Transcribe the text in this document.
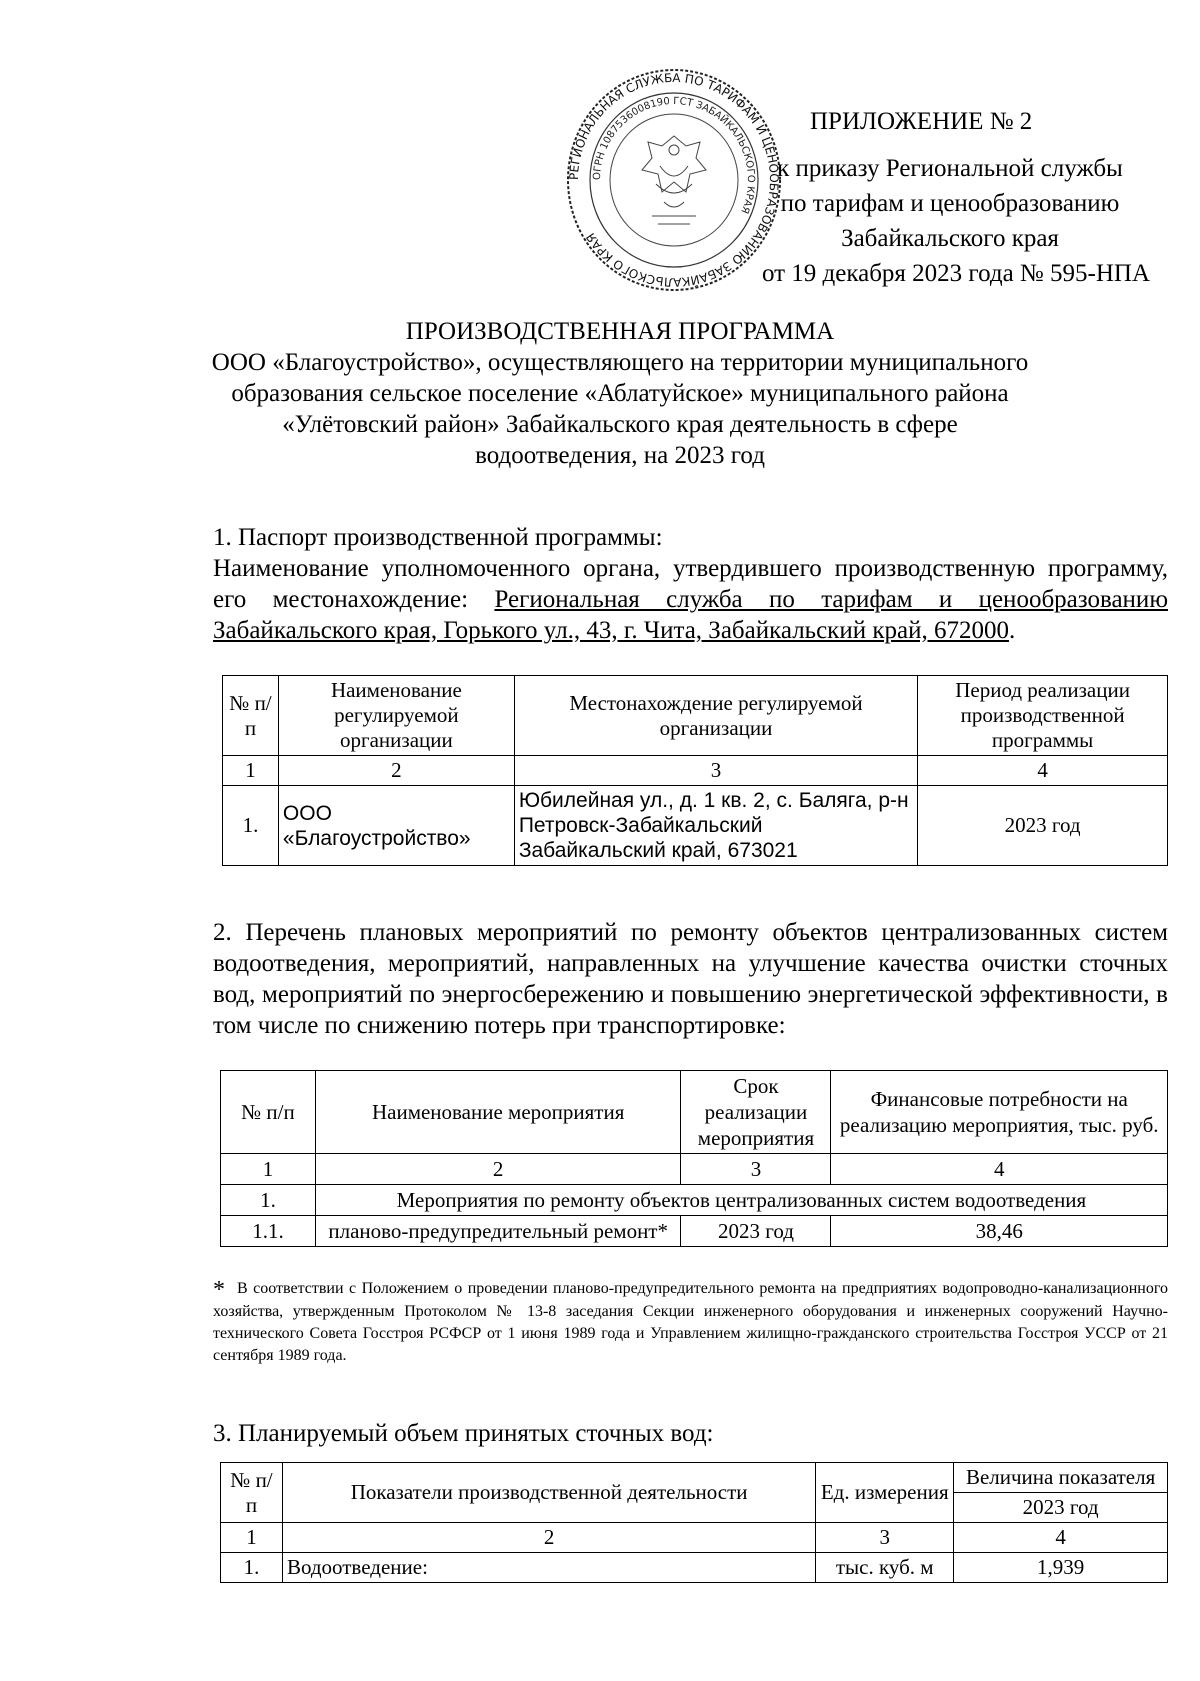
РЕГИОНАЛЬНАЯ СЛУЖБА ПО ТАРИФАМ И ЦЕНООБРАЗОВАНИЮ ЗАБАЙКАЛЬСКОГО КРАЯ
ОГРН 1087536008190 ГСТ ЗАБАЙКАЛЬСКОГО КРАЯ
ПРИЛОЖЕНИЕ № 2
к приказу Региональной службы
по тарифам и ценообразованию
Забайкальского края
от 19 декабря 2023 года № 595-НПА
ПРОИЗВОДСТВЕННАЯ ПРОГРАММА
ООО «Благоустройство», осуществляющего на территории муниципального
образования сельское поселение «Аблатуйское» муниципального района
«Улётовский район» Забайкальского края деятельность в сфере
водоотведения, на 2023 год
1. Паспорт производственной программы:
Наименование уполномоченного органа, утвердившего производственную программу, его местонахождение: Региональная служба по тарифам и ценообразованию Забайкальского края, Горького ул., 43, г. Чита, Забайкальский край, 672000.
№ п/п	Наименование регулируемой организации	Местонахождение регулируемой организации	Период реализации производственной программы
1	2	3	4
1.	ООО «Благоустройство»	Юбилейная ул., д. 1 кв. 2, с. Баляга, р-н Петровск-Забайкальский Забайкальский край, 673021	2023 год
2. Перечень плановых мероприятий по ремонту объектов централизованных систем водоотведения, мероприятий, направленных на улучшение качества очистки сточных вод, мероприятий по энергосбережению и повышению энергетической эффективности, в том числе по снижению потерь при транспортировке:
№ п/п	Наименование мероприятия	Срок реализации мероприятия	Финансовые потребности на реализацию мероприятия, тыс. руб.
1	2	3	4
1.	Мероприятия по ремонту объектов централизованных систем водоотведения		
1.1.	планово-предупредительный ремонт*	2023 год	38,46
* В соответствии с Положением о проведении планово-предупредительного ремонта на предприятиях водопроводно-канализационного хозяйства, утвержденным Протоколом № 13-8 заседания Секции инженерного оборудования и инженерных сооружений Научно-технического Совета Госстроя РСФСР от 1 июня 1989 года и Управлением жилищно-гражданского строительства Госстроя УССР от 21 сентября 1989 года.
3. Планируемый объем принятых сточных вод:
№ п/п	Показатели производственной деятельности	Ед. измерения	Величина показателя
			2023 год
1	2	3	4
1.	Водоотведение:	тыс. куб. м	1,939
